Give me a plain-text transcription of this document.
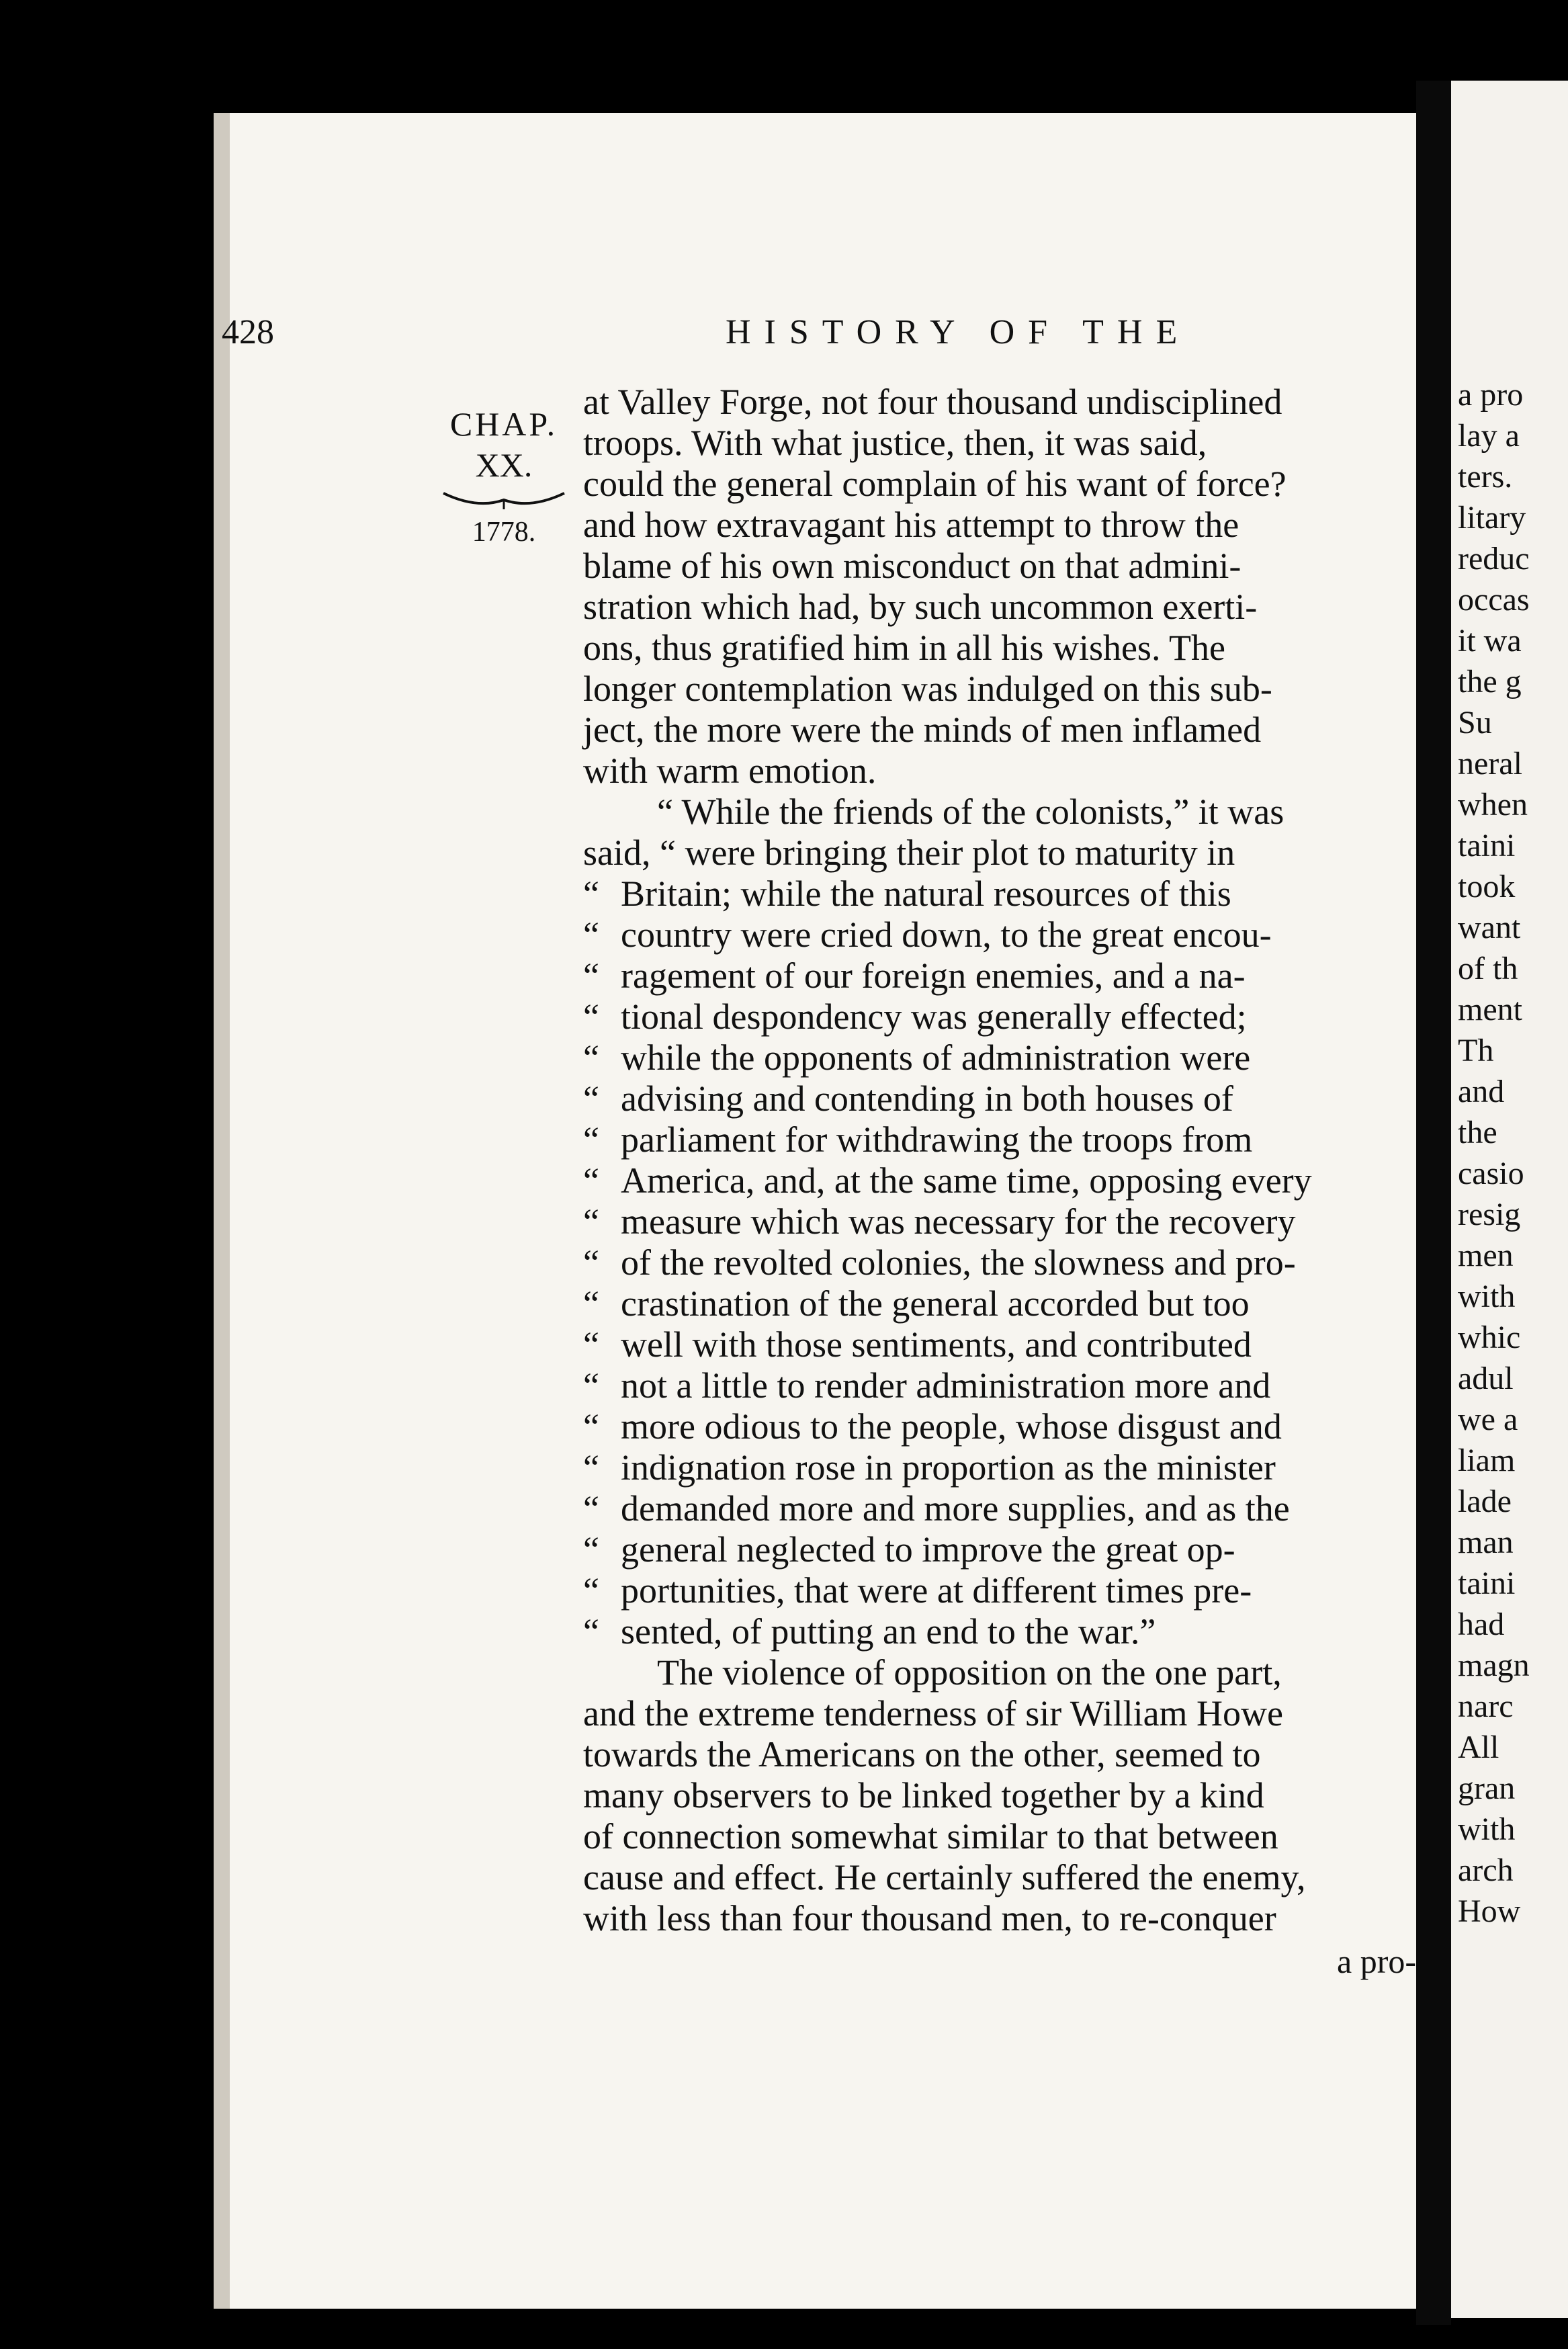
428	HISTORY OF THE
CHAP.
XX.
1778.
at Valley Forge, not four thousand undisciplined
troops. With what justice, then, it was said,
could the general complain of his want of force?
and how extravagant his attempt to throw the
blame of his own misconduct on that admini-
stration which had, by such uncommon exerti-
ons, thus gratified him in all his wishes. The
longer contemplation was indulged on this sub-
ject, the more were the minds of men inflamed
with warm emotion.
“ While the friends of the colonists,” it was
said, “ were bringing their plot to maturity in
“ Britain; while the natural resources of this
“ country were cried down, to the great encou-
“ ragement of our foreign enemies, and a na-
“ tional despondency was generally effected;
“ while the opponents of administration were
“ advising and contending in both houses of
“ parliament for withdrawing the troops from
“ America, and, at the same time, opposing every
“ measure which was necessary for the recovery
“ of the revolted colonies, the slowness and pro-
“ crastination of the general accorded but too
“ well with those sentiments, and contributed
“ not a little to render administration more and
“ more odious to the people, whose disgust and
“ indignation rose in proportion as the minister
“ demanded more and more supplies, and as the
“ general neglected to improve the great op-
“ portunities, that were at different times pre-
“ sented, of putting an end to the war.”
The violence of opposition on the one part,
and the extreme tenderness of sir William Howe
towards the Americans on the other, seemed to
many observers to be linked together by a kind
of connection somewhat similar to that between
cause and effect. He certainly suffered the enemy,
with less than four thousand men, to re-conquer
a pro-
a pro
lay a
ters.
litary
reduc
occas
it wa
the g
Su
neral
when
taini
took
want
of th
ment
Th
and
the
casio
resig
men
with
whic
adul
we a
liam
lade
man
taini
had
magn
narc
All
gran
with
arch
How
